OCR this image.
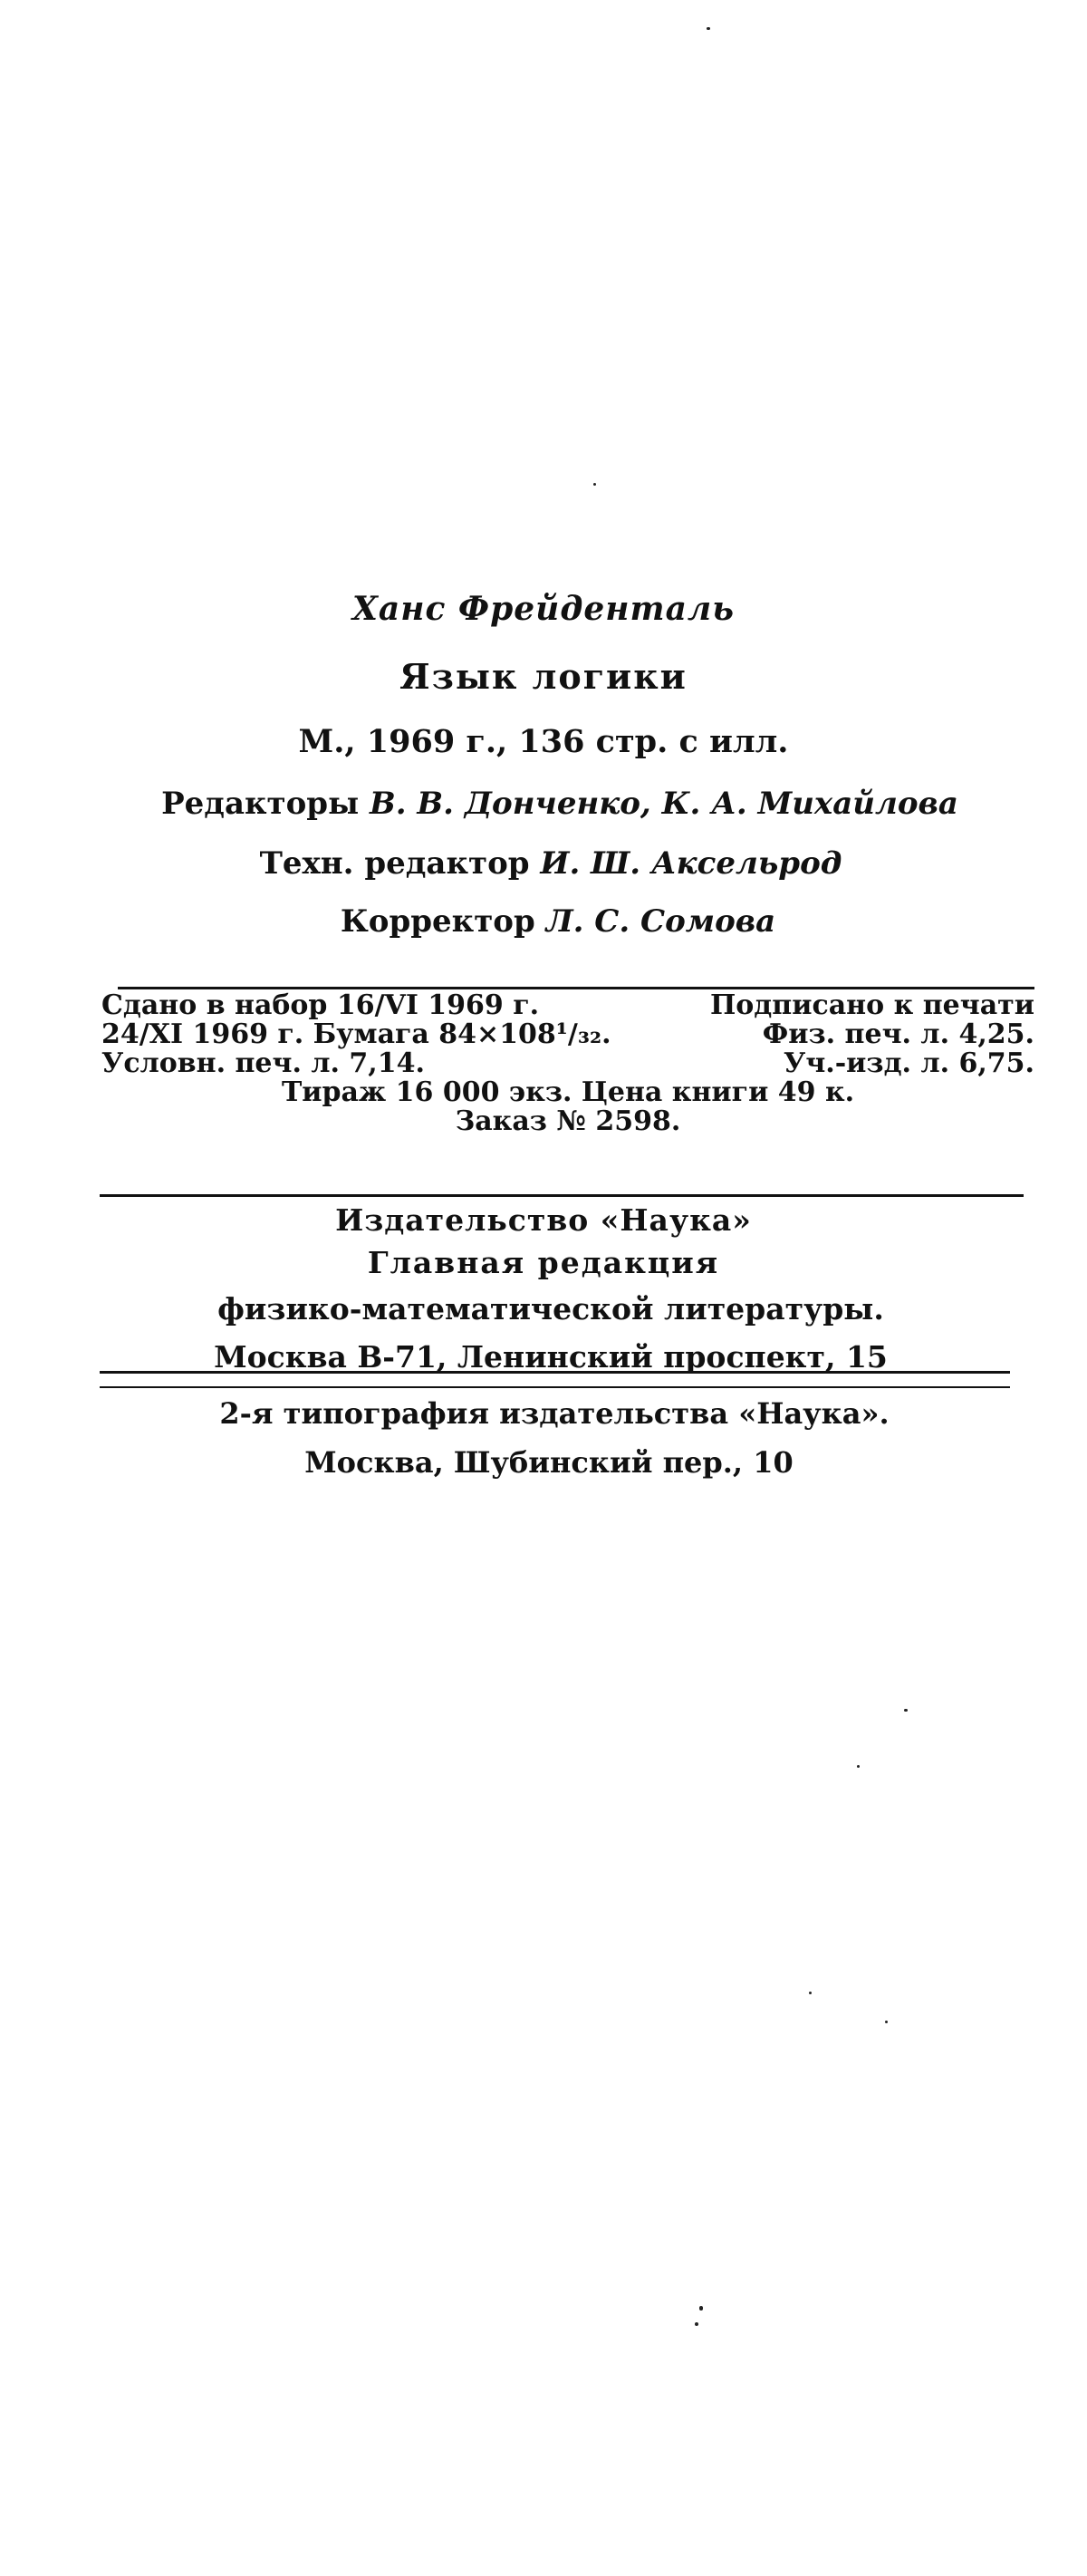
Ханс Фрейденталь
Язык логики
М., 1969 г., 136 стр. с илл.
Редакторы В. В. Донченко, К. А. Михайлова
Техн. редактор И. Ш. Аксельрод
Корректор Л. С. Сомова
Сдано в набор 16/VI 1969 г.	Подписано к печати
24/XI 1969 г. Бумага 84×108¹/₃₂.	Физ. печ. л. 4,25.
Условн. печ. л. 7,14.	Уч.-изд. л. 6,75.
Тираж 16 000 экз. Цена книги 49 к.
Заказ № 2598.
Издательство «Наука»
Главная редакция
физико-математической литературы.
Москва В-71, Ленинский проспект, 15
2-я типография издательства «Наука».
Москва, Шубинский пер., 10
